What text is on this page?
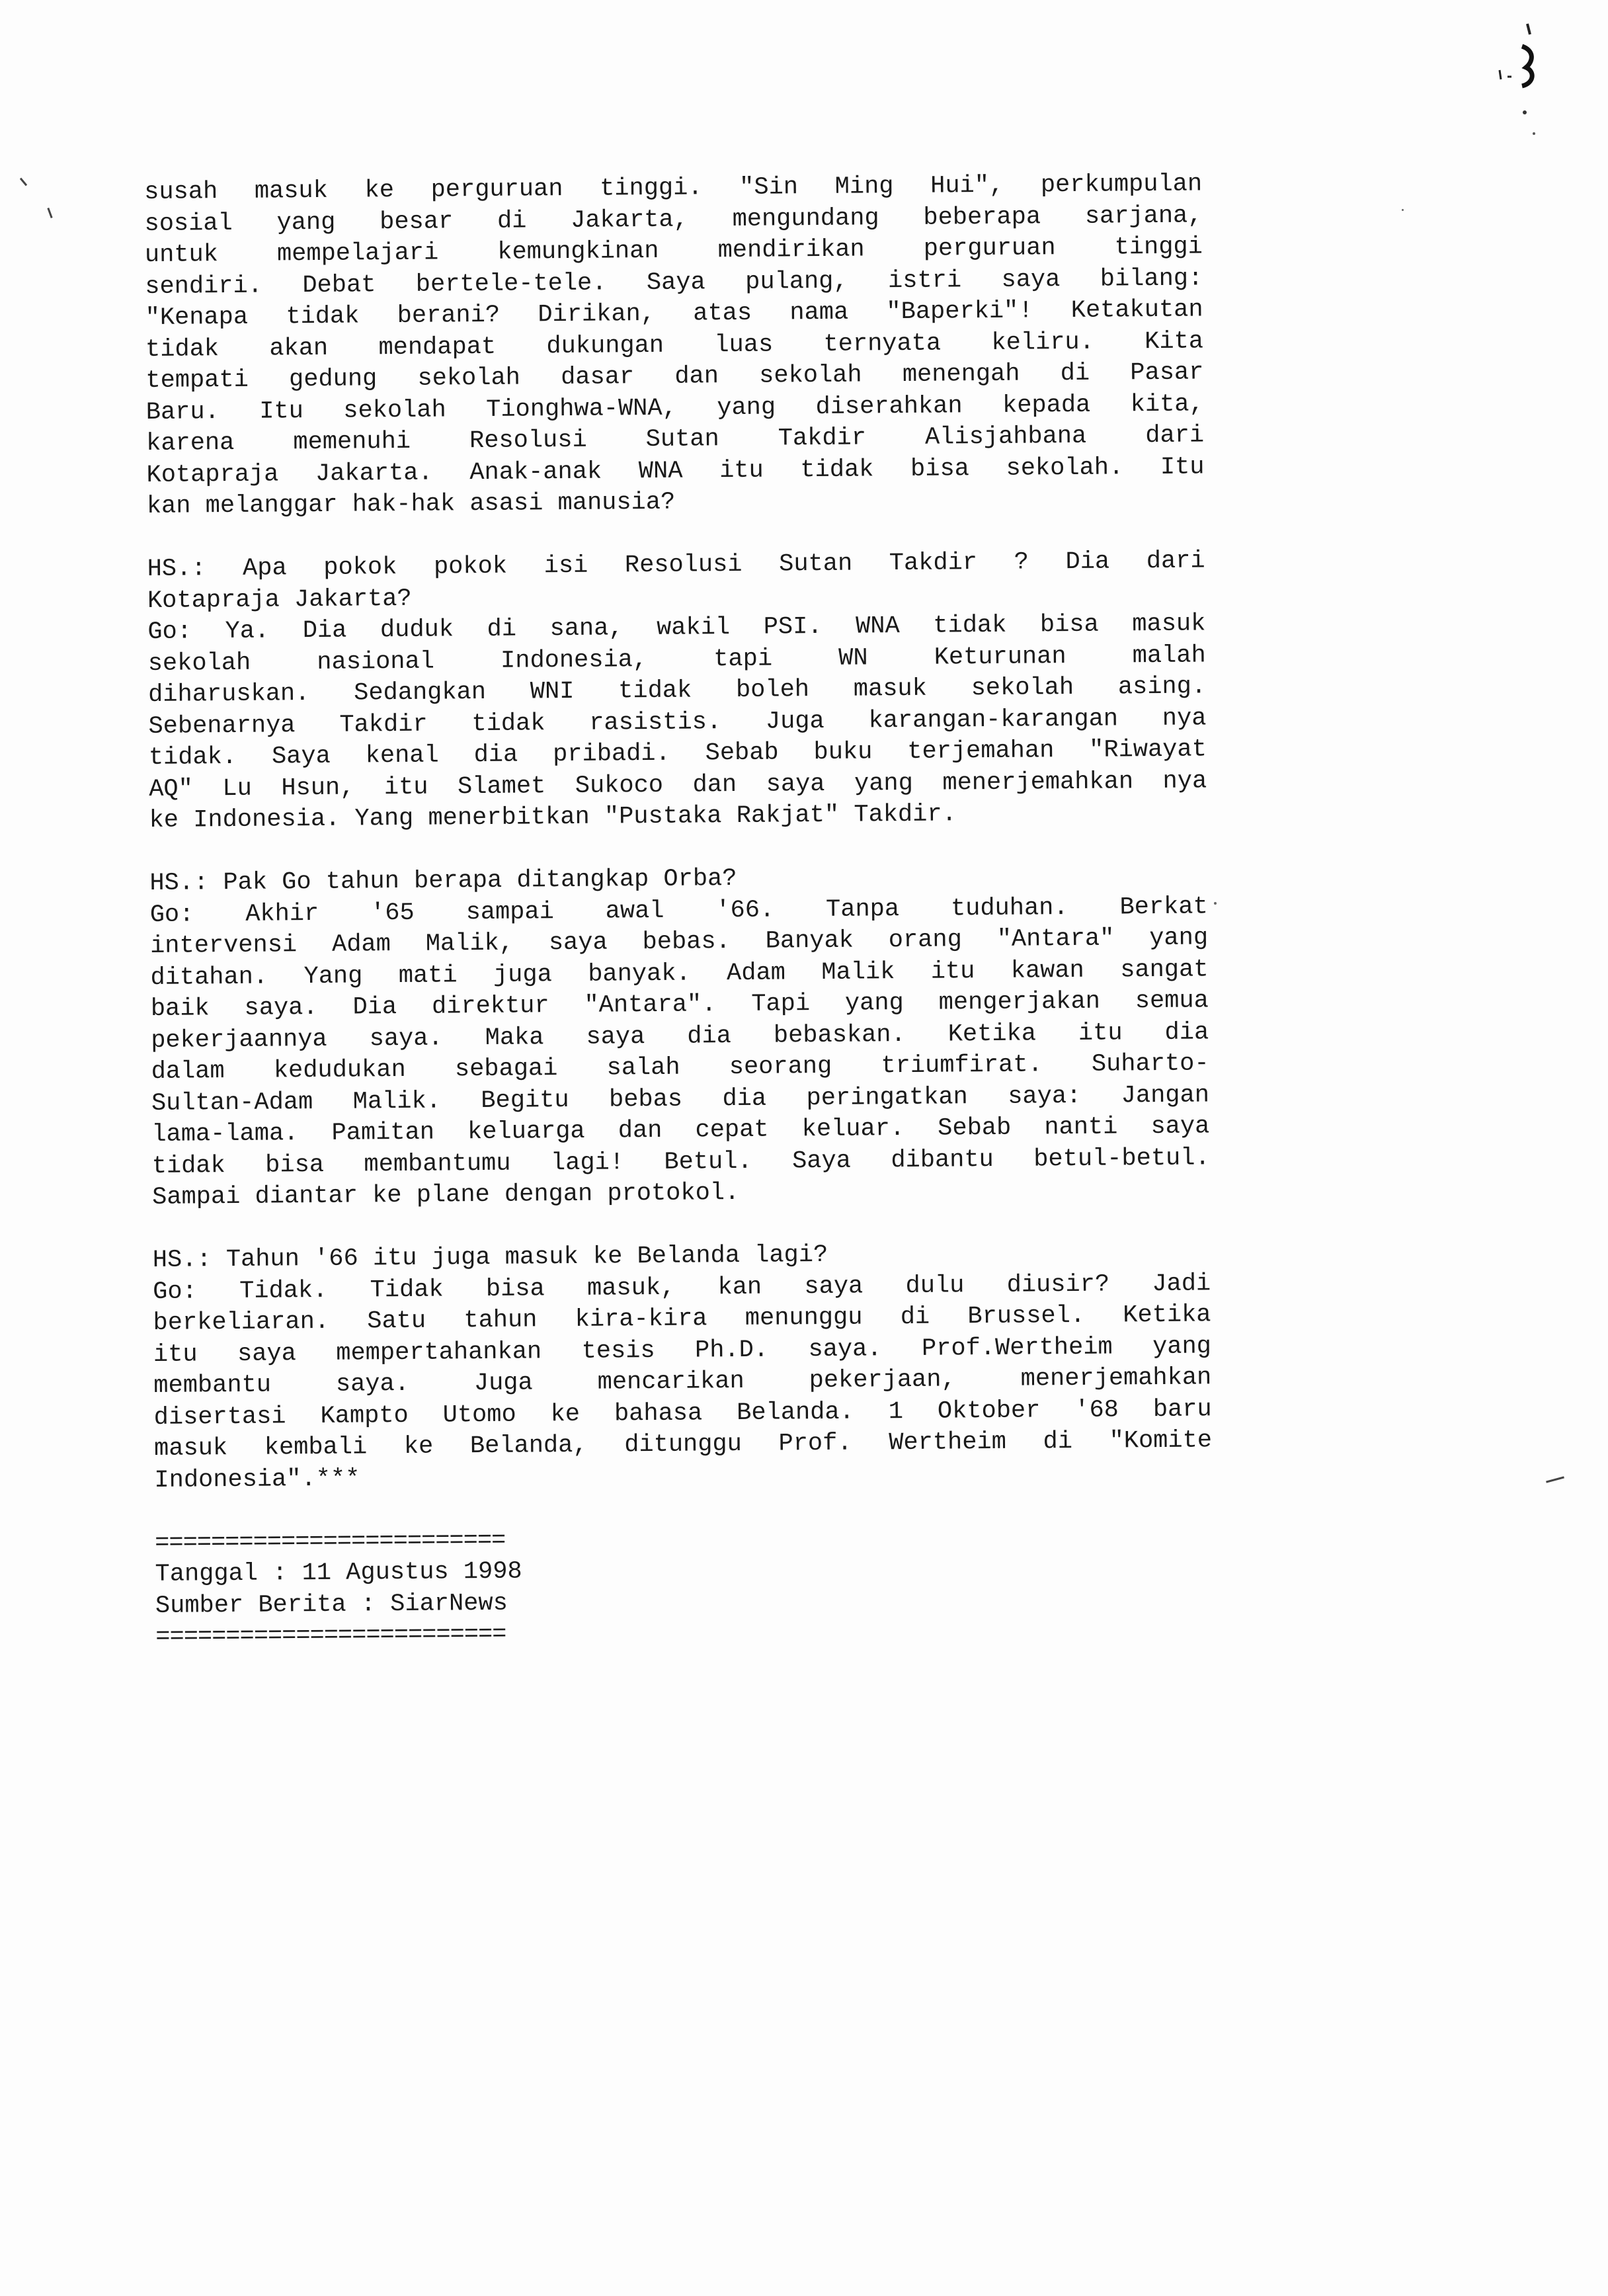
susah masuk ke perguruan tinggi. "Sin Ming Hui", perkumpulan
sosial yang besar di Jakarta, mengundang beberapa sarjana,
untuk mempelajari kemungkinan mendirikan perguruan tinggi
sendiri. Debat bertele-tele. Saya pulang, istri saya bilang:
"Kenapa tidak berani? Dirikan, atas nama "Baperki"! Ketakutan
tidak akan mendapat dukungan luas ternyata keliru. Kita
tempati gedung sekolah dasar dan sekolah menengah di Pasar
Baru. Itu sekolah Tionghwa-WNA, yang diserahkan kepada kita,
karena memenuhi Resolusi Sutan Takdir Alisjahbana dari
Kotapraja Jakarta. Anak-anak WNA itu tidak bisa sekolah. Itu
kan melanggar hak-hak asasi manusia?
HS.: Apa pokok pokok isi Resolusi Sutan Takdir ? Dia dari
Kotapraja Jakarta?
Go: Ya. Dia duduk di sana, wakil PSI. WNA tidak bisa masuk
sekolah nasional Indonesia, tapi WN Keturunan malah
diharuskan. Sedangkan WNI tidak boleh masuk sekolah asing.
Sebenarnya Takdir tidak rasistis. Juga karangan-karangan nya
tidak. Saya kenal dia pribadi. Sebab buku terjemahan "Riwayat
AQ" Lu Hsun, itu Slamet Sukoco dan saya yang menerjemahkan nya
ke Indonesia. Yang menerbitkan "Pustaka Rakjat" Takdir.
HS.: Pak Go tahun berapa ditangkap Orba?
Go: Akhir '65 sampai awal '66. Tanpa tuduhan. Berkat
intervensi Adam Malik, saya bebas. Banyak orang "Antara" yang
ditahan. Yang mati juga banyak. Adam Malik itu kawan sangat
baik saya. Dia direktur "Antara". Tapi yang mengerjakan semua
pekerjaannya saya. Maka saya dia bebaskan. Ketika itu dia
dalam kedudukan sebagai salah seorang triumfirat. Suharto-
Sultan-Adam Malik. Begitu bebas dia peringatkan saya: Jangan
lama-lama. Pamitan keluarga dan cepat keluar. Sebab nanti saya
tidak bisa membantumu lagi! Betul. Saya dibantu betul-betul.
Sampai diantar ke plane dengan protokol.
HS.: Tahun '66 itu juga masuk ke Belanda lagi?
Go: Tidak. Tidak bisa masuk, kan saya dulu diusir? Jadi
berkeliaran. Satu tahun kira-kira menunggu di Brussel. Ketika
itu saya mempertahankan tesis Ph.D. saya. Prof.Wertheim yang
membantu saya. Juga mencarikan pekerjaan, menerjemahkan
disertasi Kampto Utomo ke bahasa Belanda. 1 Oktober '68 baru
masuk kembali ke Belanda, ditunggu Prof. Wertheim di "Komite
Indonesia".***
=========================
Tanggal : 11 Agustus 1998
Sumber Berita : SiarNews
=========================
